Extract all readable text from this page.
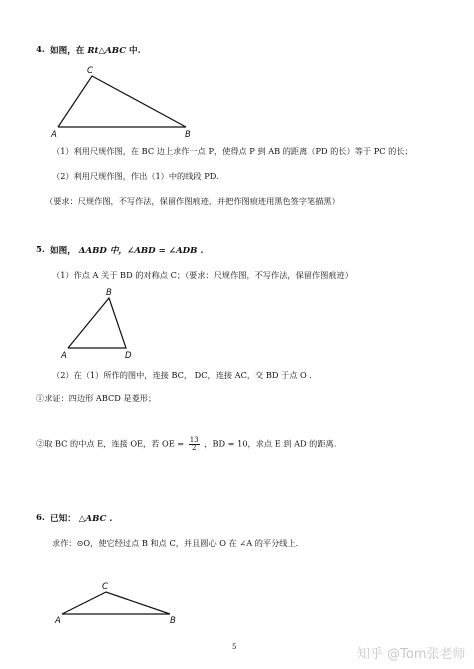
4. 如图，在 Rt△ABC 中.
C
A	B
（1）利用尺规作图，在 BC 边上求作一点 P，使得点 P 到 AB 的距离（PD 的长）等于 PC 的长；
（2）利用尺规作图，作出（1）中的线段 PD.
（要求：尺规作图，不写作法，保留作图痕迹，并把作图痕迹用黑色签字笔描黑）
5. 如图， ΔABD 中，∠ABD = ∠ADB .
（1）作点 A 关于 BD 的对称点 C；（要求：尺规作图，不写作法，保留作图痕迹）
B
A	D
（2）在（1）所作的图中，连接 BC， DC，连接 AC，交 BD 于点 O .
①求证：四边形 ABCD 是菱形；
②取 BC 的中点 E，连接 OE，若 OE = $\frac{13}{2}$ ，BD = 10，求点 E 到 AD 的距离.
6. 已知： △ABC .
求作：⊙O，使它经过点 B 和点 C，并且圆心 O 在 ∠A 的平分线上.
C
A	B
5	知乎 @Tom张老师
